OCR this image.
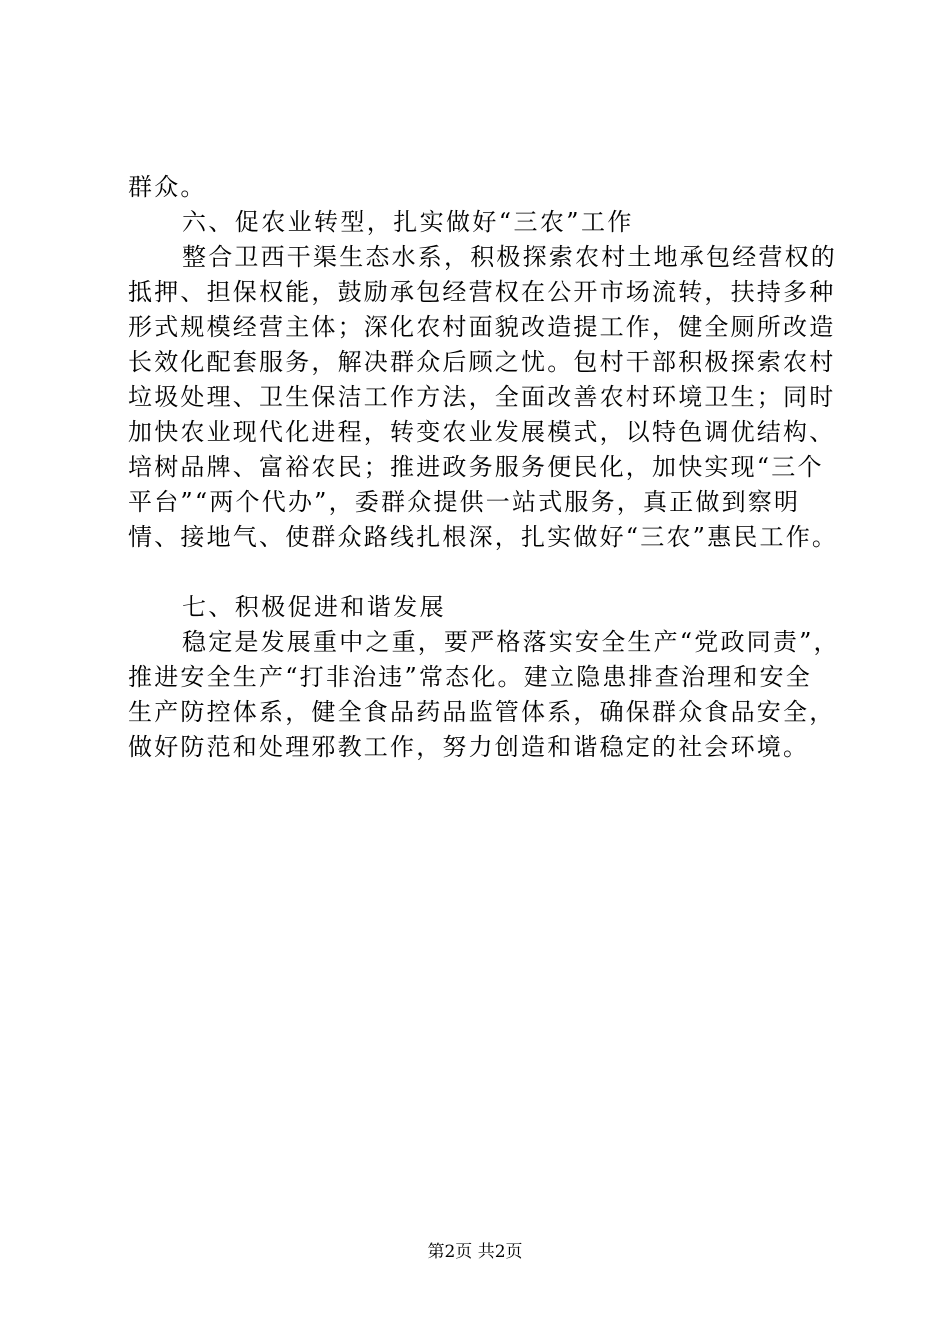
群众。
六、促农业转型，扎实做好“三农”工作
整合卫西干渠生态水系，积极探索农村土地承包经营权的
抵押、担保权能，鼓励承包经营权在公开市场流转，扶持多种
形式规模经营主体；深化农村面貌改造提工作，健全厕所改造
长效化配套服务，解决群众后顾之忧。包村干部积极探索农村
垃圾处理、卫生保洁工作方法，全面改善农村环境卫生；同时
加快农业现代化进程，转变农业发展模式，以特色调优结构、
培树品牌、富裕农民；推进政务服务便民化，加快实现“三个
平台”“两个代办”，委群众提供一站式服务，真正做到察明
情、接地气、使群众路线扎根深，扎实做好“三农”惠民工作。
七、积极促进和谐发展
稳定是发展重中之重，要严格落实安全生产“党政同责”，
推进安全生产“打非治违”常态化。建立隐患排查治理和安全
生产防控体系，健全食品药品监管体系，确保群众食品安全，
做好防范和处理邪教工作，努力创造和谐稳定的社会环境。
第2页 共2页
